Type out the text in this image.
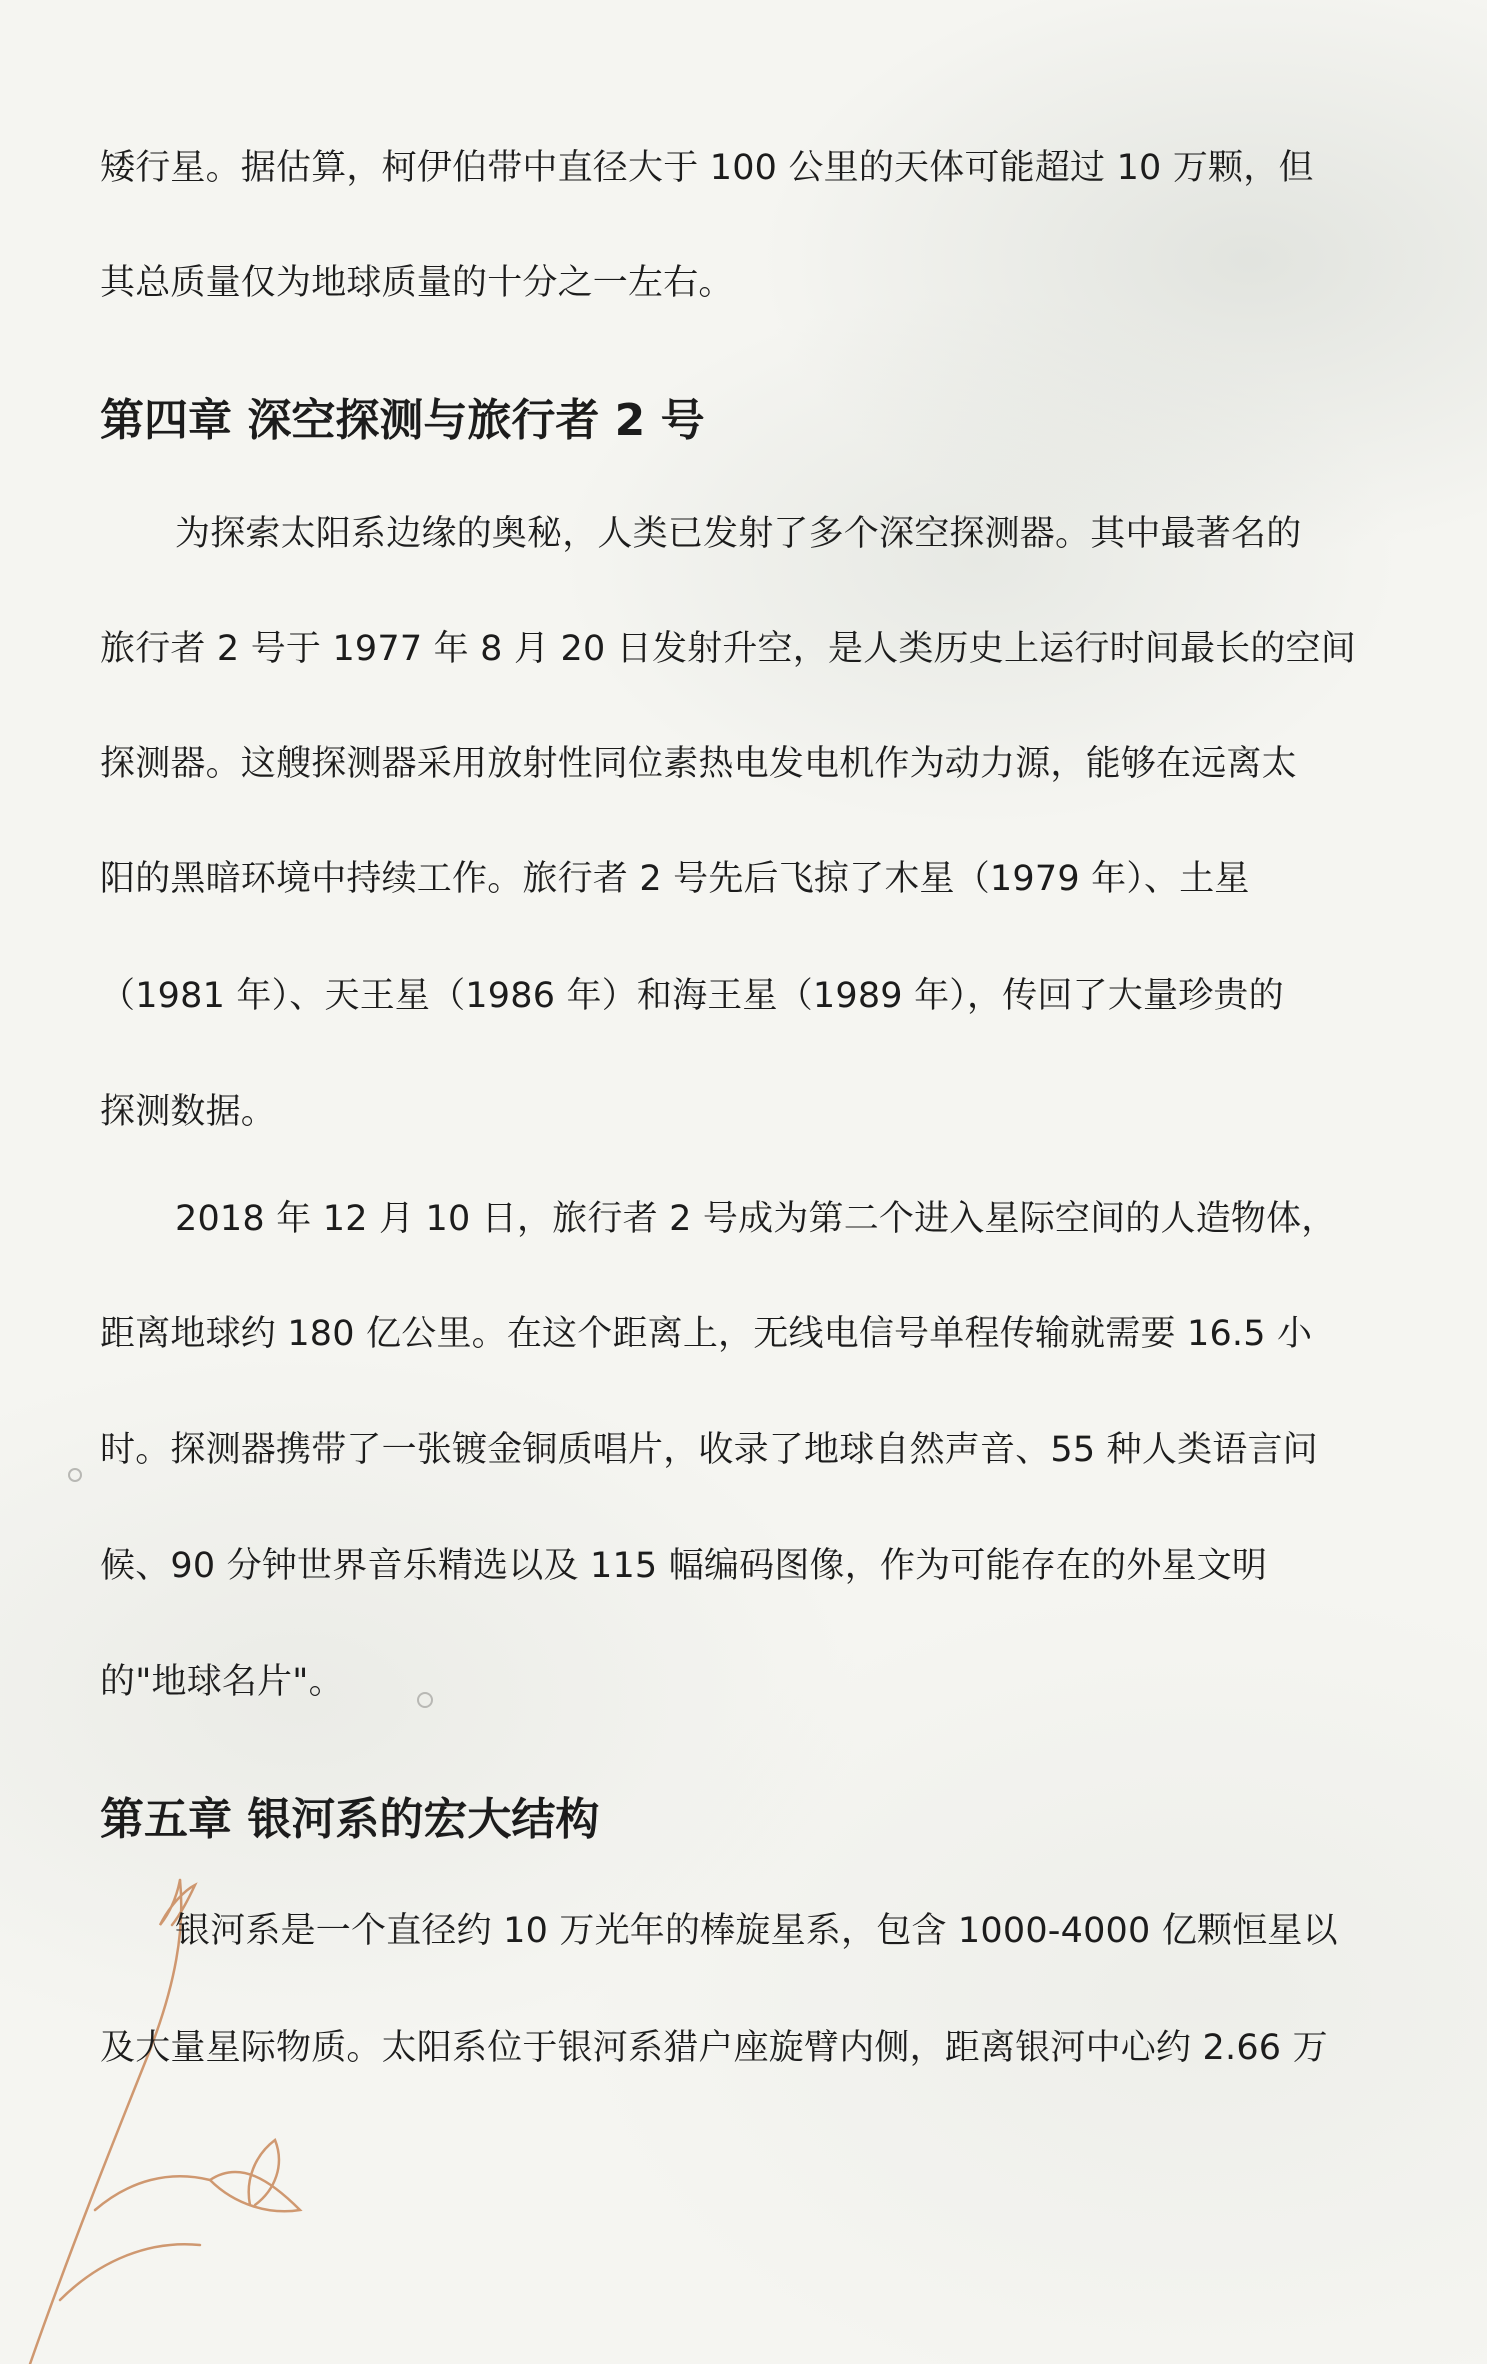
矮行星。据估算，柯伊伯带中直径大于 100 公里的天体可能超过 10 万颗，但
其总质量仅为地球质量的十分之一左右。
第四章 深空探测与旅行者 2 号
为探索太阳系边缘的奥秘，人类已发射了多个深空探测器。其中最著名的
旅行者 2 号于 1977 年 8 月 20 日发射升空，是人类历史上运行时间最长的空间
探测器。这艘探测器采用放射性同位素热电发电机作为动力源，能够在远离太
阳的黑暗环境中持续工作。旅行者 2 号先后飞掠了木星（1979 年）、土星
（1981 年）、天王星（1986 年）和海王星（1989 年），传回了大量珍贵的
探测数据。
2018 年 12 月 10 日，旅行者 2 号成为第二个进入星际空间的人造物体，
距离地球约 180 亿公里。在这个距离上，无线电信号单程传输就需要 16.5 小
时。探测器携带了一张镀金铜质唱片，收录了地球自然声音、55 种人类语言问
候、90 分钟世界音乐精选以及 115 幅编码图像，作为可能存在的外星文明
的"地球名片"。
第五章 银河系的宏大结构
银河系是一个直径约 10 万光年的棒旋星系，包含 1000-4000 亿颗恒星以
及大量星际物质。太阳系位于银河系猎户座旋臂内侧，距离银河中心约 2.66 万
